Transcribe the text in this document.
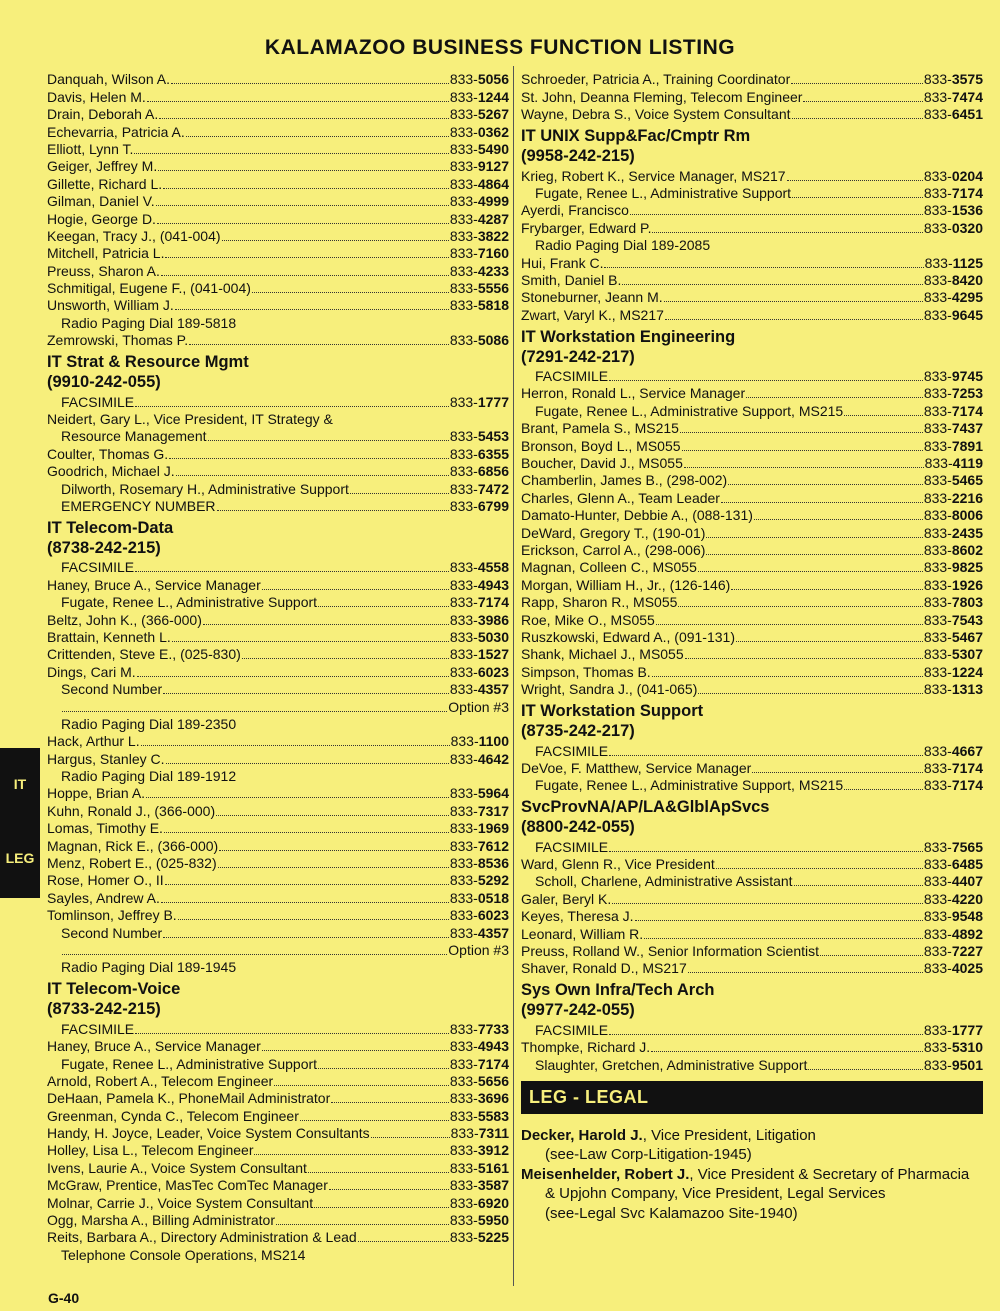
KALAMAZOO BUSINESS FUNCTION LISTING
Danquah, Wilson A.	833-5056
Davis, Helen M.	833-1244
Drain, Deborah A.	833-5267
Echevarria, Patricia A.	833-0362
Elliott, Lynn T.	833-5490
Geiger, Jeffrey M.	833-9127
Gillette, Richard L.	833-4864
Gilman, Daniel V.	833-4999
Hogie, George D.	833-4287
Keegan, Tracy J., (041-004)	833-3822
Mitchell, Patricia L.	833-7160
Preuss, Sharon A.	833-4233
Schmitigal, Eugene F., (041-004)	833-5556
Unsworth, William J.	833-5818
Radio Paging Dial 189-5818
Zemrowski, Thomas P.	833-5086
IT Strat & Resource Mgmt
(9910-242-055)
FACSIMILE	833-1777
Neidert, Gary L., Vice President, IT Strategy &
Resource Management	833-5453
Coulter, Thomas G.	833-6355
Goodrich, Michael J.	833-6856
Dilworth, Rosemary H., Administrative Support	833-7472
EMERGENCY NUMBER	833-6799
IT Telecom-Data
(8738-242-215)
FACSIMILE	833-4558
Haney, Bruce A., Service Manager	833-4943
Fugate, Renee L., Administrative Support	833-7174
Beltz, John K., (366-000)	833-3986
Brattain, Kenneth L.	833-5030
Crittenden, Steve E., (025-830)	833-1527
Dings, Cari M.	833-6023
Second Number	833-4357
Option #3
Radio Paging Dial 189-2350
Hack, Arthur L.	833-1100
Hargus, Stanley C.	833-4642
Radio Paging Dial 189-1912
Hoppe, Brian A.	833-5964
Kuhn, Ronald J., (366-000)	833-7317
Lomas, Timothy E.	833-1969
Magnan, Rick E., (366-000)	833-7612
Menz, Robert E., (025-832)	833-8536
Rose, Homer O., II	833-5292
Sayles, Andrew A.	833-0518
Tomlinson, Jeffrey B.	833-6023
Second Number	833-4357
Option #3
Radio Paging Dial 189-1945
IT Telecom-Voice
(8733-242-215)
FACSIMILE	833-7733
Haney, Bruce A., Service Manager	833-4943
Fugate, Renee L., Administrative Support	833-7174
Arnold, Robert A., Telecom Engineer	833-5656
DeHaan, Pamela K., PhoneMail Administrator	833-3696
Greenman, Cynda C., Telecom Engineer	833-5583
Handy, H. Joyce, Leader, Voice System Consultants	833-7311
Holley, Lisa L., Telecom Engineer	833-3912
Ivens, Laurie A., Voice System Consultant	833-5161
McGraw, Prentice, MasTec ComTec Manager	833-3587
Molnar, Carrie J., Voice System Consultant	833-6920
Ogg, Marsha A., Billing Administrator	833-5950
Reits, Barbara A., Directory Administration & Lead	833-5225
Telephone Console Operations, MS214
Schroeder, Patricia A., Training Coordinator	833-3575
St. John, Deanna Fleming, Telecom Engineer	833-7474
Wayne, Debra S., Voice System Consultant	833-6451
IT UNIX Supp&Fac/Cmptr Rm
(9958-242-215)
Krieg, Robert K., Service Manager, MS217	833-0204
Fugate, Renee L., Administrative Support	833-7174
Ayerdi, Francisco	833-1536
Frybarger, Edward P.	833-0320
Radio Paging Dial 189-2085
Hui, Frank C.	833-1125
Smith, Daniel B.	833-8420
Stoneburner, Jeann M.	833-4295
Zwart, Varyl K., MS217	833-9645
IT Workstation Engineering
(7291-242-217)
FACSIMILE	833-9745
Herron, Ronald L., Service Manager	833-7253
Fugate, Renee L., Administrative Support, MS215	833-7174
Brant, Pamela S., MS215	833-7437
Bronson, Boyd L., MS055	833-7891
Boucher, David J., MS055	833-4119
Chamberlin, James B., (298-002)	833-5465
Charles, Glenn A., Team Leader	833-2216
Damato-Hunter, Debbie A., (088-131)	833-8006
DeWard, Gregory T., (190-01)	833-2435
Erickson, Carrol A., (298-006)	833-8602
Magnan, Colleen C., MS055	833-9825
Morgan, William H., Jr., (126-146)	833-1926
Rapp, Sharon R., MS055	833-7803
Roe, Mike O., MS055	833-7543
Ruszkowski, Edward A., (091-131)	833-5467
Shank, Michael J., MS055	833-5307
Simpson, Thomas B.	833-1224
Wright, Sandra J., (041-065)	833-1313
IT Workstation Support
(8735-242-217)
FACSIMILE	833-4667
DeVoe, F. Matthew, Service Manager	833-7174
Fugate, Renee L., Administrative Support, MS215	833-7174
SvcProvNA/AP/LA&GlblApSvcs
(8800-242-055)
FACSIMILE	833-7565
Ward, Glenn R., Vice President	833-6485
Scholl, Charlene, Administrative Assistant	833-4407
Galer, Beryl K.	833-4220
Keyes, Theresa J.	833-9548
Leonard, William R.	833-4892
Preuss, Rolland W., Senior Information Scientist	833-7227
Shaver, Ronald D., MS217	833-4025
Sys Own Infra/Tech Arch
(9977-242-055)
FACSIMILE	833-1777
Thompke, Richard J.	833-5310
Slaughter, Gretchen, Administrative Support	833-9501
LEG - LEGAL
Decker, Harold J., Vice President, Litigation
(see-Law Corp-Litigation-1945)
Meisenhelder, Robert J., Vice President & Secretary of Pharmacia
& Upjohn Company, Vice President, Legal Services
(see-Legal Svc Kalamazoo Site-1940)
IT
LEG
G-40
